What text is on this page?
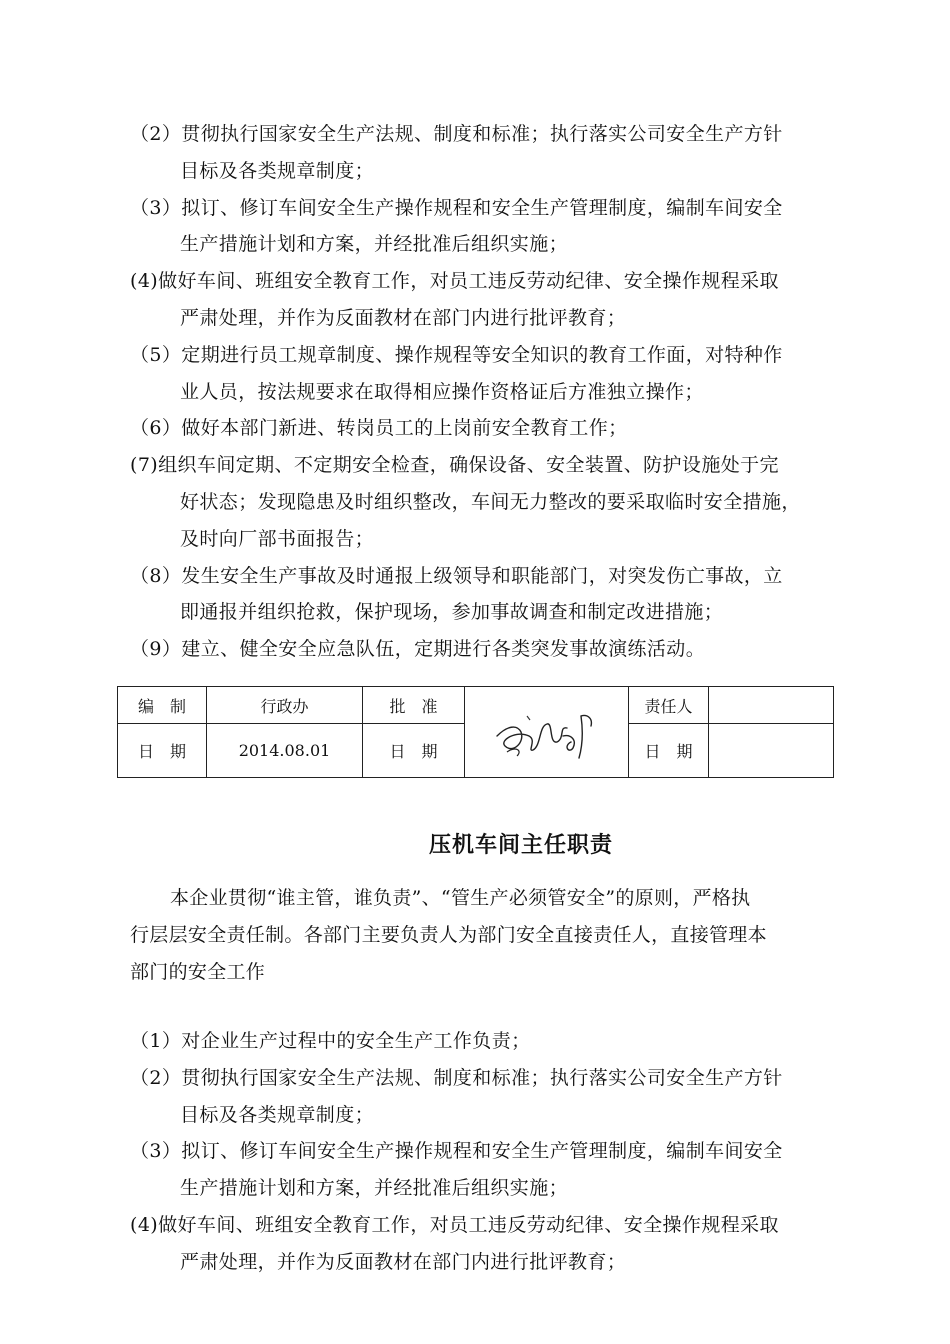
（2）贯彻执行国家安全生产法规、制度和标准；执行落实公司安全生产方针
目标及各类规章制度；
（3）拟订、修订车间安全生产操作规程和安全生产管理制度，编制车间安全
生产措施计划和方案，并经批准后组织实施；
(4)做好车间、班组安全教育工作，对员工违反劳动纪律、安全操作规程采取
严肃处理，并作为反面教材在部门内进行批评教育；
（5）定期进行员工规章制度、操作规程等安全知识的教育工作面，对特种作
业人员，按法规要求在取得相应操作资格证后方准独立操作；
（6）做好本部门新进、转岗员工的上岗前安全教育工作；
(7)组织车间定期、不定期安全检查，确保设备、安全装置、防护设施处于完
好状态；发现隐患及时组织整改，车间无力整改的要采取临时安全措施，
及时向厂部书面报告；
（8）发生安全生产事故及时通报上级领导和职能部门，对突发伤亡事故，立
即通报并组织抢救，保护现场，参加事故调查和制定改进措施；
（9）建立、健全安全应急队伍，定期进行各类突发事故演练活动。
编　制	行政办	批　准		责任人	
日　期	2014.08.01	日　期		日　期	
压机车间主任职责
本企业贯彻“谁主管，谁负责”、“管生产必须管安全”的原则，严格执
行层层安全责任制。各部门主要负责人为部门安全直接责任人，直接管理本
部门的安全工作
（1）对企业生产过程中的安全生产工作负责；
（2）贯彻执行国家安全生产法规、制度和标准；执行落实公司安全生产方针
目标及各类规章制度；
（3）拟订、修订车间安全生产操作规程和安全生产管理制度，编制车间安全
生产措施计划和方案，并经批准后组织实施；
(4)做好车间、班组安全教育工作，对员工违反劳动纪律、安全操作规程采取
严肃处理，并作为反面教材在部门内进行批评教育；
